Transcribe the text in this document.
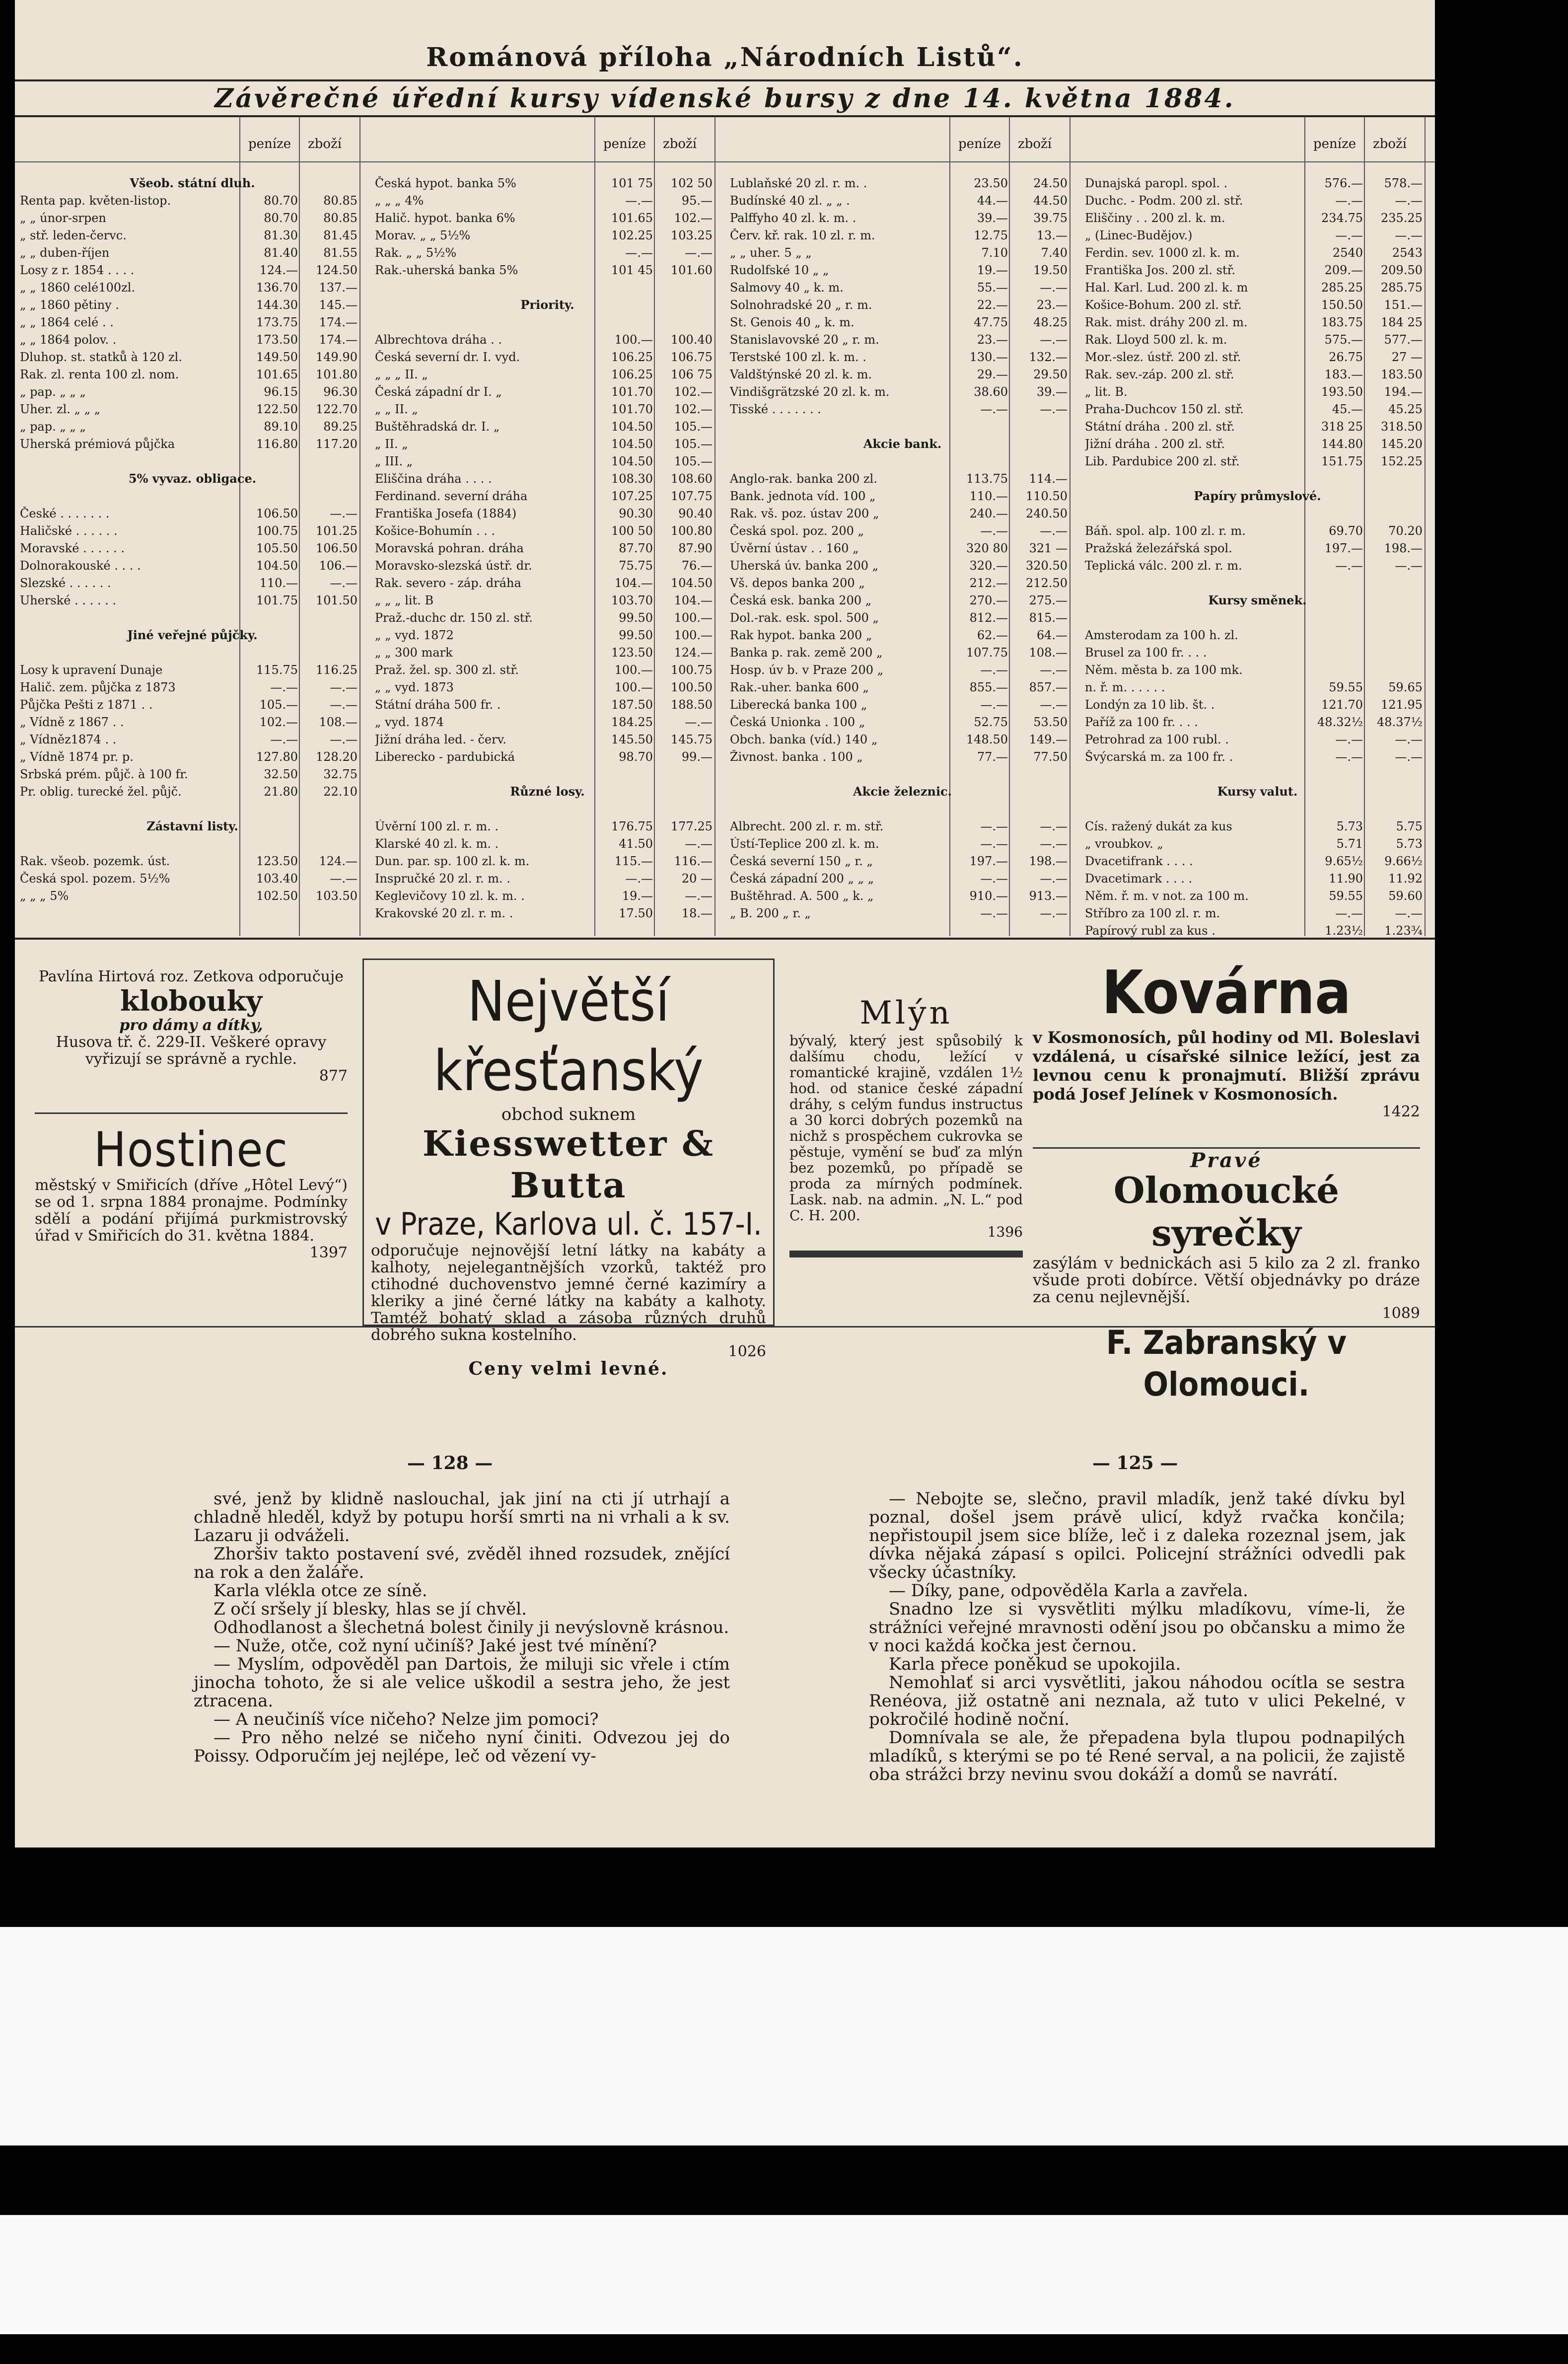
Románová příloha „Národních Listů“.
Závěrečné úřední kursy vídenské bursy z dne 14. května 1884.
peníze zboží
Všeob. státní dluh.
Renta pap. květen-listop.	80.70	80.85
„ „ únor-srpen	80.70	80.85
„ stř. leden-červc.	81.30	81.45
„ „ duben-říjen	81.40	81.55
Losy z r. 1854 . . . .	124.—	124.50
„ „ 1860 celé100zl.	136.70	137.—
„ „ 1860 pětiny .	144.30	145.—
„ „ 1864 celé . .	173.75	174.—
„ „ 1864 polov. .	173.50	174.—
Dluhop. st. statků à 120 zl.	149.50	149.90
Rak. zl. renta 100 zl. nom.	101.65	101.80
„ pap. „ „ „	96.15	96.30
Uher. zl. „ „ „	122.50	122.70
„ pap. „ „ „	89.10	89.25
Uherská prémiová půjčka	116.80	117.20
5% vyvaz. obligace.
České . . . . . . .	106.50	—.—
Haličské . . . . . .	100.75	101.25
Moravské . . . . . .	105.50	106.50
Dolnorakouské . . . .	104.50	106.—
Slezské . . . . . .	110.—	—.—
Uherské . . . . . .	101.75	101.50
Jiné veřejné půjčky.
Losy k upravení Dunaje	115.75	116.25
Halič. zem. půjčka z 1873	—.—	—.—
Půjčka Pešti z 1871 . .	105.—	—.—
„ Vídně z 1867 . .	102.—	108.—
„ Vídněz1874 . .	—.—	—.—
„ Vídně 1874 pr. p.	127.80	128.20
Srbská prém. půjč. à 100 fr.	32.50	32.75
Pr. oblig. turecké žel. půjč.	21.80	22.10
Zástavní listy.
Rak. všeob. pozemk. úst.	123.50	124.—
Česká spol. pozem. 5½%	103.40	—.—
„ „ „ 5%	102.50	103.50
peníze zboží
Česká hypot. banka 5%	101 75	102 50
„ „ „ 4%	—.—	95.—
Halič. hypot. banka 6%	101.65	102.—
Morav. „ „ 5½%	102.25	103.25
Rak. „ „ 5½%	—.—	—.—
Rak.-uherská banka 5%	101 45	101.60
Priority.
Albrechtova dráha . .	100.—	100.40
Česká severní dr. I. vyd.	106.25	106.75
„ „ „ II. „	106.25	106 75
Česká západní dr I. „	101.70	102.—
„ „ II. „	101.70	102.—
Buštěhradská dr. I. „	104.50	105.—
„ II. „	104.50	105.—
„ III. „	104.50	105.—
Eliščina dráha . . . .	108.30	108.60
Ferdinand. severní dráha	107.25	107.75
Františka Josefa (1884)	90.30	90.40
Košice-Bohumín . . .	100 50	100.80
Moravská pohran. dráha	87.70	87.90
Moravsko-slezská ústř. dr.	75.75	76.—
Rak. severo - záp. dráha	104.—	104.50
„ „ „ lit. B	103.70	104.—
Praž.-duchc dr. 150 zl. stř.	99.50	100.—
„ „ vyd. 1872	99.50	100.—
„ „ 300 mark	123.50	124.—
Praž. žel. sp. 300 zl. stř.	100.—	100.75
„ „ vyd. 1873	100.—	100.50
Státní dráha 500 fr. .	187.50	188.50
„ vyd. 1874	184.25	—.—
Jižní dráha led. - červ.	145.50	145.75
Liberecko - pardubická	98.70	99.—
Různé losy.
Úvěrní 100 zl. r. m. .	176.75	177.25
Klarské 40 zl. k. m. .	41.50	—.—
Dun. par. sp. 100 zl. k. m.	115.—	116.—
Inspručké 20 zl. r. m. .	—.—	20 —
Keglevičovy 10 zl. k. m. .	19.—	—.—
Krakovské 20 zl. r. m. .	17.50	18.—
peníze zboží
Lublaňské 20 zl. r. m. .	23.50	24.50
Budínské 40 zl. „ „ .	44.—	44.50
Palffyho 40 zl. k. m. .	39.—	39.75
Červ. kř. rak. 10 zl. r. m.	12.75	13.—
„ „ uher. 5 „ „	7.10	7.40
Rudolfské 10 „ „	19.—	19.50
Salmovy 40 „ k. m.	55.—	—.—
Solnohradské 20 „ r. m.	22.—	23.—
St. Genois 40 „ k. m.	47.75	48.25
Stanislavovské 20 „ r. m.	23.—	—.—
Terstské 100 zl. k. m. .	130.—	132.—
Valdštýnské 20 zl. k. m.	29.—	29.50
Vindišgrätzské 20 zl. k. m.	38.60	39.—
Tisské . . . . . . .	—.—	—.—
Akcie bank.
Anglo-rak. banka 200 zl.	113.75	114.—
Bank. jednota víd. 100 „	110.—	110.50
Rak. vš. poz. ústav 200 „	240.—	240.50
Česká spol. poz. 200 „	—.—	—.—
Úvěrní ústav . . 160 „	320 80	321 —
Uherská úv. banka 200 „	320.—	320.50
Vš. depos banka 200 „	212.—	212.50
Česká esk. banka 200 „	270.—	275.—
Dol.-rak. esk. spol. 500 „	812.—	815.—
Rak hypot. banka 200 „	62.—	64.—
Banka p. rak. země 200 „	107.75	108.—
Hosp. úv b. v Praze 200 „	—.—	—.—
Rak.-uher. banka 600 „	855.—	857.—
Liberecká banka 100 „	—.—	—.—
Česká Unionka . 100 „	52.75	53.50
Obch. banka (víd.) 140 „	148.50	149.—
Živnost. banka . 100 „	77.—	77.50
Akcie železnic.
Albrecht. 200 zl. r. m. stř.	—.—	—.—
Ústí-Teplice 200 zl. k. m.	—.—	—.—
Česká severní 150 „ r. „	197.—	198.—
Česká západní 200 „ „ „	—.—	—.—
Buštěhrad. A. 500 „ k. „	910.—	913.—
„ B. 200 „ r. „	—.—	—.—
peníze zboží
Dunajská paropl. spol. .	576.—	578.—
Duchc. - Podm. 200 zl. stř.	—.—	—.—
Eliščiny . . 200 zl. k. m.	234.75	235.25
„ (Linec-Budějov.)	—.—	—.—
Ferdin. sev. 1000 zl. k. m.	2540	2543
Františka Jos. 200 zl. stř.	209.—	209.50
Hal. Karl. Lud. 200 zl. k. m	285.25	285.75
Košice-Bohum. 200 zl. stř.	150.50	151.—
Rak. mist. dráhy 200 zl. m.	183.75	184 25
Rak. Lloyd 500 zl. k. m.	575.—	577.—
Mor.-slez. ústř. 200 zl. stř.	26.75	27 —
Rak. sev.-záp. 200 zl. stř.	183.—	183.50
„ lit. B.	193.50	194.—
Praha-Duchcov 150 zl. stř.	45.—	45.25
Státní dráha . 200 zl. stř.	318 25	318.50
Jižní dráha . 200 zl. stř.	144.80	145.20
Lib. Pardubice 200 zl. stř.	151.75	152.25
Papíry průmyslové.
Báň. spol. alp. 100 zl. r. m.	69.70	70.20
Pražská železářská spol.	197.—	198.—
Teplická válc. 200 zl. r. m.	—.—	—.—
Kursy směnek.
Amsterodam za 100 h. zl.
Brusel za 100 fr. . . .
Něm. města b. za 100 mk.
n. ř. m. . . . . .	59.55	59.65
Londýn za 10 lib. št. .	121.70	121.95
Paříž za 100 fr. . . .	48.32½	48.37½
Petrohrad za 100 rubl. .	—.—	—.—
Švýcarská m. za 100 fr. .	—.—	—.—
Kursy valut.
Cís. ražený dukát za kus	5.73	5.75
„ vroubkov. „	5.71	5.73
Dvacetifrank . . . .	9.65½	9.66½
Dvacetimark . . . .	11.90	11.92
Něm. ř. m. v not. za 100 m.	59.55	59.60
Stříbro za 100 zl. r. m.	—.—	—.—
Papírový rubl za kus .	1.23½	1.23¾
Pavlína Hirtová roz. Zetkova odporučuje
klobouky
pro dámy a dítky,
Husova tř. č. 229-II. Veškeré opravy vyřizují se správně a rychle.
877
Hostinec
městský v Smiřicích (dříve „Hôtel Levý“) se od 1. srpna 1884 pronajme. Podmínky sdělí a podání přijímá purkmistrovský úřad v Smiřicích do 31. května 1884.
1397
Největší křesťanský
obchod suknem
Kiesswetter & Butta
v Praze, Karlova ul. č. 157-I.
odporučuje nejnovější letní látky na kabáty a kalhoty, nejelegantnějších vzorků, taktéž pro ctihodné duchovenstvo jemné černé kazimíry a kleriky a jiné černé látky na kabáty a kalhoty. Tamtéž bohatý sklad a zásoba různých druhů dobrého sukna kostelního.
1026
Ceny velmi levné.
Mlýn
bývalý, který jest spůsobilý k dalšímu chodu, ležící v romantické krajině, vzdálen 1½ hod. od stanice české západní dráhy, s celým fundus instructus a 30 korci dobrých pozemků na nichž s prospěchem cukrovka se pěstuje, vymění se buď za mlýn bez pozemků, po případě se proda za mírných podmínek. Lask. nab. na admin. „N. L.“ pod C. H. 200.
1396
Kovárna
v Kosmonosích, půl hodiny od Ml. Boleslavi vzdálená, u císařské silnice ležící, jest za levnou cenu k pronajmutí. Bližší zprávu podá Josef Jelínek v Kosmonosích.
1422
Pravé
Olomoucké syrečky
zasýlám v bednickách asi 5 kilo za 2 zl. franko všude proti dobírce. Větší objednávky po dráze za cenu nejlevnější.
1089
F. Zabranský v Olomouci.
— 128 —	— 125 —

své, jenž by klidně naslouchal, jak jiní na cti jí utrhají a chladně hleděl, když by potupu horší smrti na ni vrhali a k sv. Lazaru ji odváželi.

Zhoršiv takto postavení své, zvěděl ihned rozsudek, znějící na rok a den žaláře.

Karla vlékla otce ze síně.

Z očí sršely jí blesky, hlas se jí chvěl.

Odhodlanost a šlechetná bolest činily ji nevýslovně krásnou.

— Nuže, otče, což nyní učiníš? Jaké jest tvé mínění?

— Myslím, odpověděl pan Dartois, že miluji sic vřele i ctím jinocha tohoto, že si ale velice uškodil a sestra jeho, že jest ztracena.

— A neučiníš více ničeho? Nelze jim pomoci?

— Pro něho nelzé se ničeho nyní činiti. Odvezou jej do Poissy. Odporučím jej nejlépe, leč od vězení vy-

— Nebojte se, slečno, pravil mladík, jenž také dívku byl poznal, došel jsem právě ulicí, když rvačka končila; nepřistoupil jsem sice blíže, leč i z daleka rozeznal jsem, jak dívka nějaká zápasí s opilci. Policejní strážníci odvedli pak všecky účastníky.

— Díky, pane, odpověděla Karla a zavřela.

Snadno lze si vysvětliti mýlku mladíkovu, víme-li, že strážníci veřejné mravnosti odění jsou po občansku a mimo že v noci každá kočka jest černou.

Karla přece poněkud se upokojila.

Nemohlať si arci vysvětliti, jakou náhodou ocítla se sestra Renéova, již ostatně ani neznala, až tuto v ulici Pekelné, v pokročilé hodině noční.

Domnívala se ale, že přepadena byla tlupou podnapilých mladíků, s kterými se po té René serval, a na policii, že zajistě oba strážci brzy nevinu svou dokáží a domů se navrátí.
